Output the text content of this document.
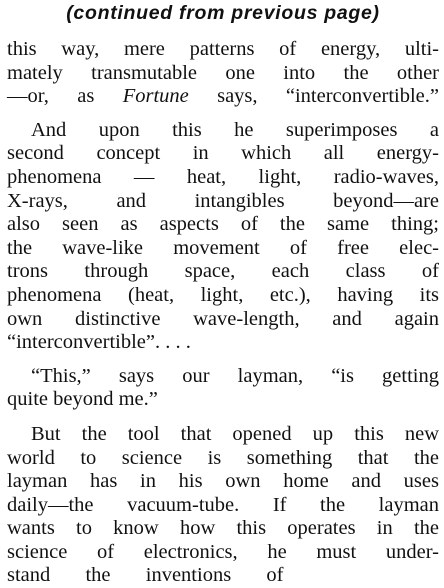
(continued from previous page)
this way, mere patterns of energy, ulti-
mately transmutable one into the other
—or, as Fortune says, “interconvertible.”
And upon this he superimposes a
second concept in which all energy-
phenomena — heat, light, radio-waves,
X-rays, and intangibles beyond—are
also seen as aspects of the same thing;
the wave-like movement of free elec-
trons through space, each class of
phenomena (heat, light, etc.), having its
own distinctive wave-length, and again
“interconvertible”. . . .
“This,” says our layman, “is getting
quite beyond me.”
But the tool that opened up this new
world to science is something that the
layman has in his own home and uses
daily—the vacuum-tube. If the layman
wants to know how this operates in the
science of electronics, he must under-
stand the inventions of
